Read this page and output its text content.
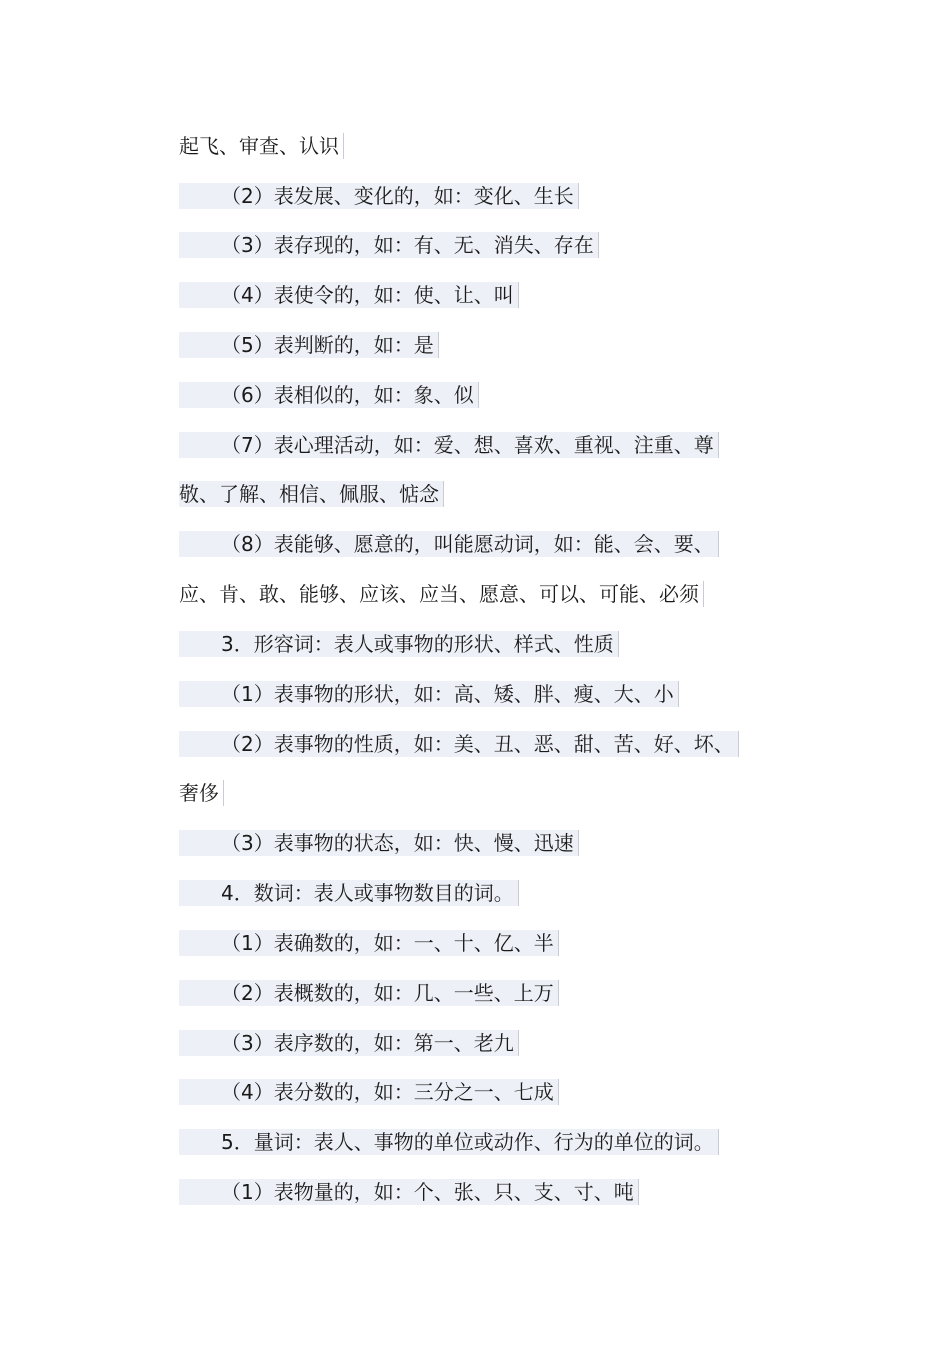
起飞、审查、认识
（2）表发展、变化的，如：变化、生长
（3）表存现的，如：有、无、消失、存在
（4）表使令的，如：使、让、叫
（5）表判断的，如：是
（6）表相似的，如：象、似
（7）表心理活动，如：爱、想、喜欢、重视、注重、尊
敬、了解、相信、佩服、惦念
（8）表能够、愿意的，叫能愿动词，如：能、会、要、
应、肯、敢、能够、应该、应当、愿意、可以、可能、必须
3．形容词：表人或事物的形状、样式、性质
（1）表事物的形状，如：高、矮、胖、瘦、大、小
（2）表事物的性质，如：美、丑、恶、甜、苦、好、坏、
奢侈
（3）表事物的状态，如：快、慢、迅速
4．数词：表人或事物数目的词。
（1）表确数的，如：一、十、亿、半
（2）表概数的，如：几、一些、上万
（3）表序数的，如：第一、老九
（4）表分数的，如：三分之一、七成
5．量词：表人、事物的单位或动作、行为的单位的词。
（1）表物量的，如：个、张、只、支、寸、吨
